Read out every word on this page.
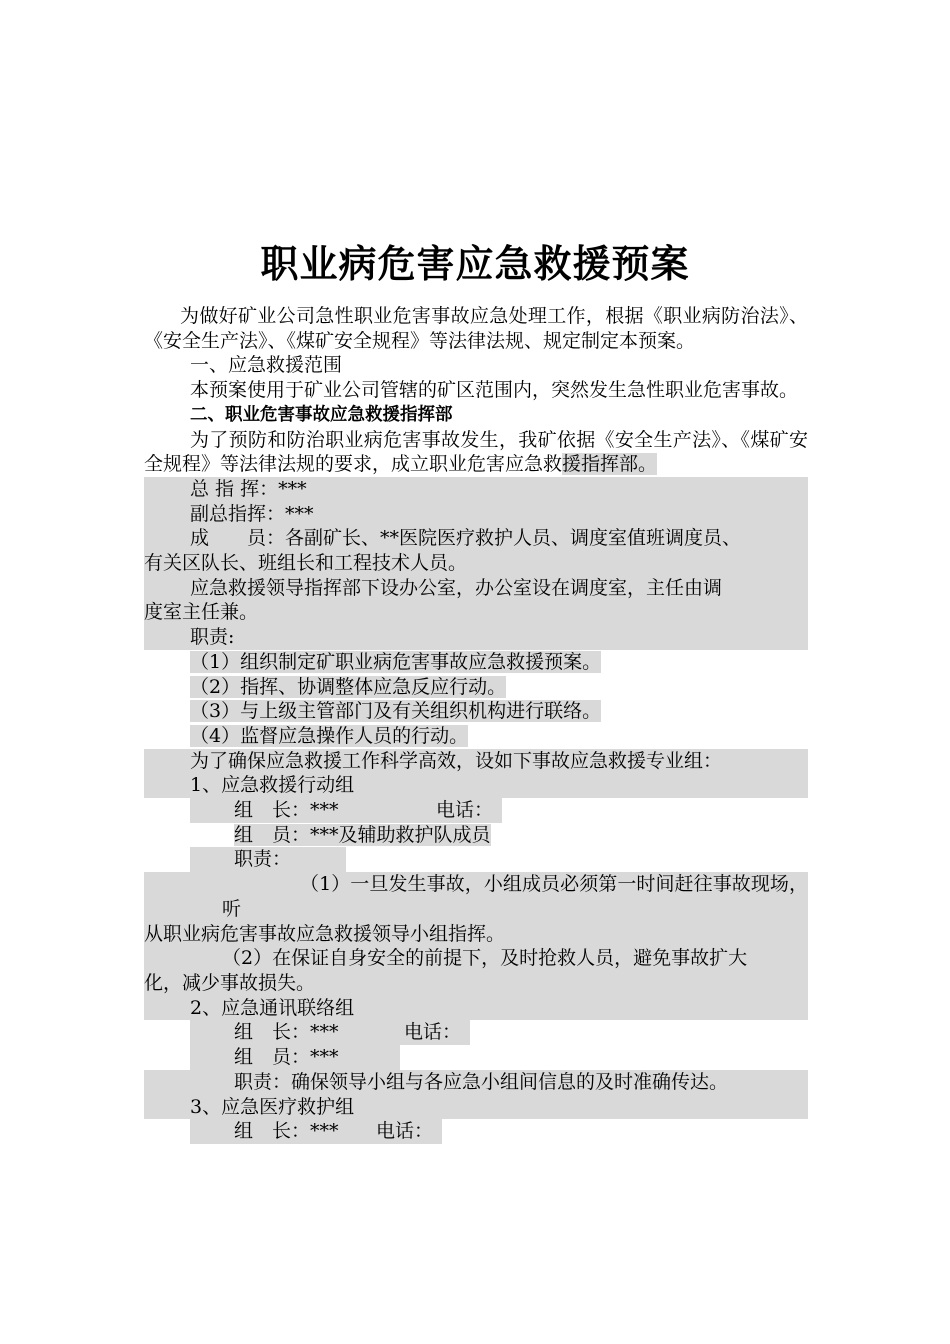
职业病危害应急救援预案

为做好矿业公司急性职业危害事故应急处理工作，根据《职业病防治法》、《安全生产法》、《煤矿安全规程》等法律法规、规定制定本预案。

一、应急救援范围

本预案使用于矿业公司管辖的矿区范围内，突然发生急性职业危害事故。

二、职业危害事故应急救援指挥部

为了预防和防治职业病危害事故发生，我矿依据《安全生产法》、《煤矿安全规程》等法律法规的要求，成立职业危害应急救援指挥部。

总 指 挥：***

副总指挥：***

成　　员：各副矿长、**医院医疗救护人员、调度室值班调度员、
有关区队长、班组长和工程技术人员。

应急救援领导指挥部下设办公室，办公室设在调度室，主任由调
度室主任兼。

职责:

（1）组织制定矿职业病危害事故应急救援预案。

（2）指挥、协调整体应急反应行动。

（3）与上级主管部门及有关组织机构进行联络。

（4）监督应急操作人员的行动。

为了确保应急救援工作科学高效，设如下事故应急救援专业组：

1、应急救援行动组

组　长：***	电话：

组　员：***及辅助救护队成员

职责：

（1）一旦发生事故，小组成员必须第一时间赶往事故现场，听
从职业病危害事故应急救援领导小组指挥。

（2）在保证自身安全的前提下，及时抢救人员，避免事故扩大
化，减少事故损失。

2、应急通讯联络组

组　长：***	电话：

组　员：***

职责：确保领导小组与各应急小组间信息的及时准确传达。

3、应急医疗救护组

组　长：*** 电话：
